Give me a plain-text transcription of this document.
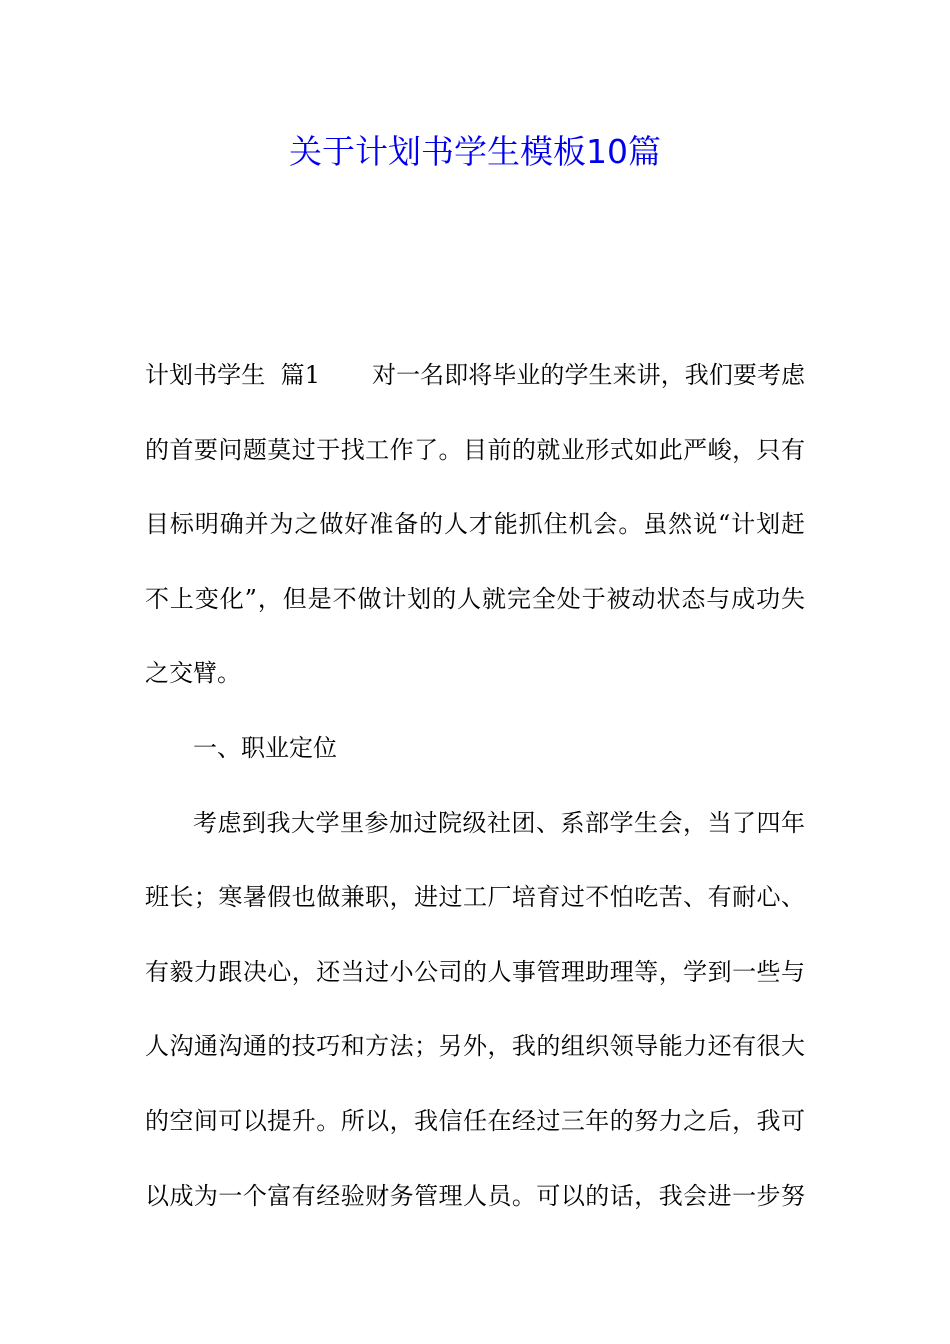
关于计划书学生模板10篇
计划书学生  篇1 对一名即将毕业的学生来讲，我们要考虑
的首要问题莫过于找工作了。目前的就业形式如此严峻，只有
目标明确并为之做好准备的人才能抓住机会。虽然说“计划赶
不上变化”，但是不做计划的人就完全处于被动状态与成功失
之交臂。
一、职业定位
考虑到我大学里参加过院级社团、系部学生会，当了四年
班长；寒暑假也做兼职，进过工厂培育过不怕吃苦、有耐心、
有毅力跟决心，还当过小公司的人事管理助理等，学到一些与
人沟通沟通的技巧和方法；另外，我的组织领导能力还有很大
的空间可以提升。所以，我信任在经过三年的努力之后，我可
以成为一个富有经验财务管理人员。可以的话，我会进一步努
